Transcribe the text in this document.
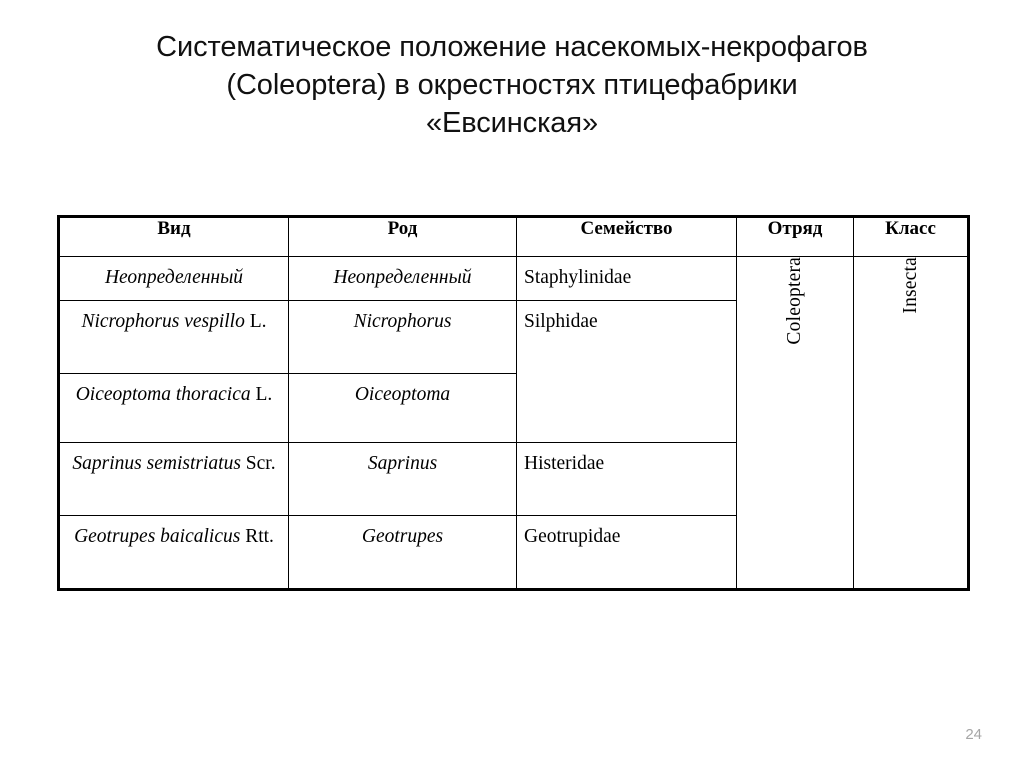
Систематическое положение насекомых-некрофагов
(Coleoptera) в окрестностях птицефабрики
«Евсинская»
Вид	Род	Семейство	Отряд	Класс

Неопределенный	Неопределенный	Staphylinidae	Coleoptera	Insecta

Nicrophorus vespillo L.	Nicrophorus	Silphidae		

Oiceoptoma thoracica L.	Oiceoptoma			

Saprinus semistriatus Scr.	Saprinus	Histeridae		

Geotrupes baicalicus Rtt.	Geotrupes	Geotrupidae		
24
